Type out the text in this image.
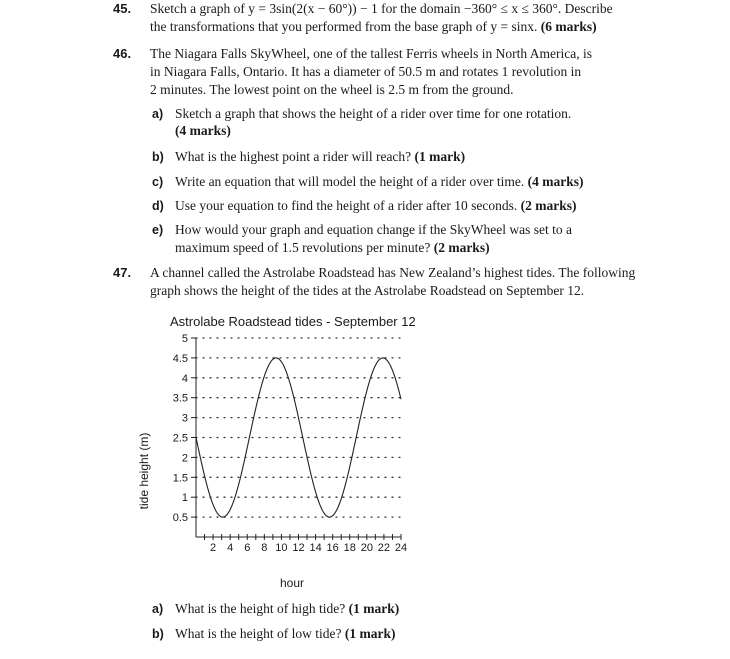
45. Sketch a graph of y = 3sin(2(x − 60°)) − 1 for the domain −360° ≤ x ≤ 360°. Describe
the transformations that you performed from the base graph of y = sinx. (6 marks)
46. The Niagara Falls SkyWheel, one of the tallest Ferris wheels in North America, is
in Niagara Falls, Ontario. It has a diameter of 50.5 m and rotates 1 revolution in
2 minutes. The lowest point on the wheel is 2.5 m from the ground.
a) Sketch a graph that shows the height of a rider over time for one rotation.
(4 marks)
b) What is the highest point a rider will reach? (1 mark)
c) Write an equation that will model the height of a rider over time. (4 marks)
d) Use your equation to find the height of a rider after 10 seconds. (2 marks)
e) How would your graph and equation change if the SkyWheel was set to a
maximum speed of 1.5 revolutions per minute? (2 marks)
47. A channel called the Astrolabe Roadstead has New Zealand’s highest tides. The following
graph shows the height of the tides at the Astrolabe Roadstead on September 12.
Astrolabe Roadstead tides - September 12
0.5
1
1.5
2
2.5
3
3.5
4
4.5
5
2 4 6 8 10 12 14 16 18 20 22 24
hour
tide height (m)
a) What is the height of high tide? (1 mark)
b) What is the height of low tide? (1 mark)
